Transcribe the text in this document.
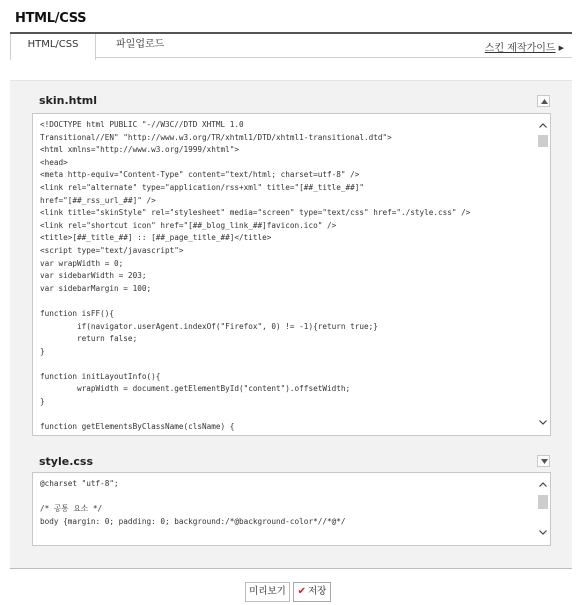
HTML/CSS
HTML/CSS	파일업로드	스킨 제작가이드 ▶
skin.html
<!DOCTYPE html PUBLIC "-//W3C//DTD XHTML 1.0
Transitional//EN" "http://www.w3.org/TR/xhtml1/DTD/xhtml1-transitional.dtd">
<html xmlns="http://www.w3.org/1999/xhtml">
<head>
<meta http-equiv="Content-Type" content="text/html; charset=utf-8" />
<link rel="alternate" type="application/rss+xml" title="[##_title_##]"
href="[##_rss_url_##]" />
<link title="skinStyle" rel="stylesheet" media="screen" type="text/css" href="./style.css" />
<link rel="shortcut icon" href="[##_blog_link_##]favicon.ico" />
<title>[##_title_##] :: [##_page_title_##]</title>
<script type="text/javascript">
var wrapWidth = 0;
var sidebarWidth = 203;
var sidebarMargin = 100;
function isFF(){
if(navigator.userAgent.indexOf("Firefox", 0) != -1){return true;}
return false;
}
function initLayoutInfo(){
wrapWidth = document.getElementById("content").offsetWidth;
}
function getElementsByClassName(clsName) {
style.css
@charset "utf-8";
/* 공통 요소 */
body {margin: 0; padding: 0; background:/*@background-color*//*@*/
미리보기	✔ 저장
